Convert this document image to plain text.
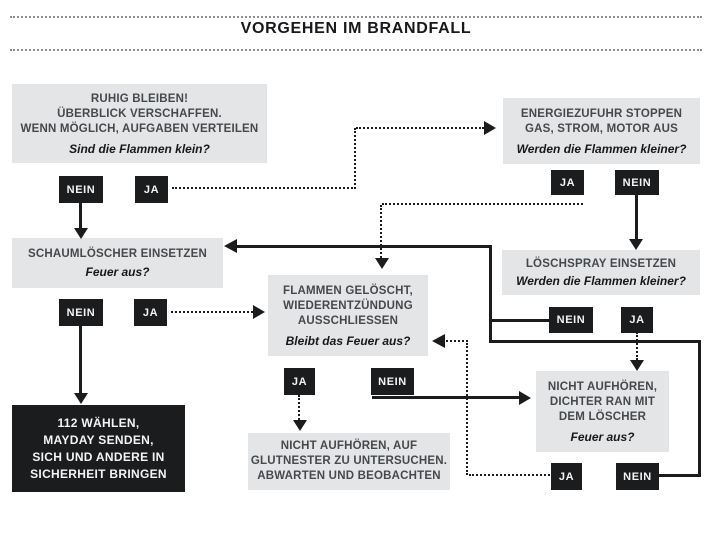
VORGEHEN IM BRANDFALL
RUHIG BLEIBEN!
ÜBERBLICK VERSCHAFFEN.
WENN MÖGLICH, AUFGABEN VERTEILEN
Sind die Flammen klein?
ENERGIEZUFUHR STOPPEN
GAS, STROM, MOTOR AUS
Werden die Flammen kleiner?
SCHAUMLÖSCHER EINSETZEN
Feuer aus?
LÖSCHSPRAY EINSETZEN
Werden die Flammen kleiner?
FLAMMEN GELÖSCHT,
WIEDERENTZÜNDUNG
AUSSCHLIESSEN
Bleibt das Feuer aus?
NICHT AUFHÖREN,
DICHTER RAN MIT
DEM LÖSCHER
Feuer aus?
NICHT AUFHÖREN, AUF
GLUTNESTER ZU UNTERSUCHEN.
ABWARTEN UND BEOBACHTEN
112 WÄHLEN,
MAYDAY SENDEN,
SICH UND ANDERE IN
SICHERHEIT BRINGEN
NEIN	JA
JA	NEIN
NEIN	JA
JA	NEIN
NEIN	JA
JA	NEIN
